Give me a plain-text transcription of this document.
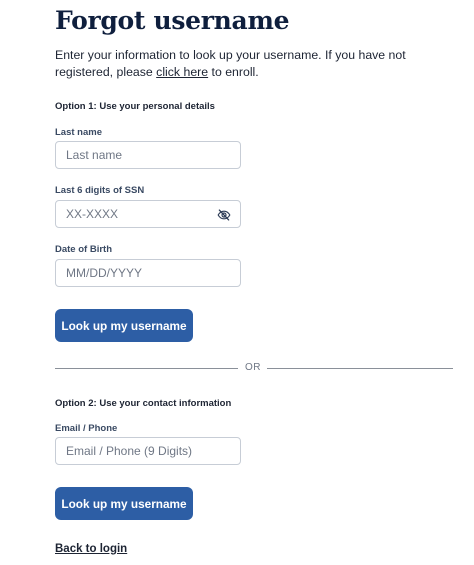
Forgot username

Enter your information to look up your username. If you have not registered, please click here to enroll.

Option 1: Use your personal details
Last name
Last name
Last 6 digits of SSN
Date of Birth
MM/DD/YYYY
Look up my username
OR
Option 2: Use your contact information
Email / Phone
Email / Phone (9 Digits)
Look up my username
Back to login
